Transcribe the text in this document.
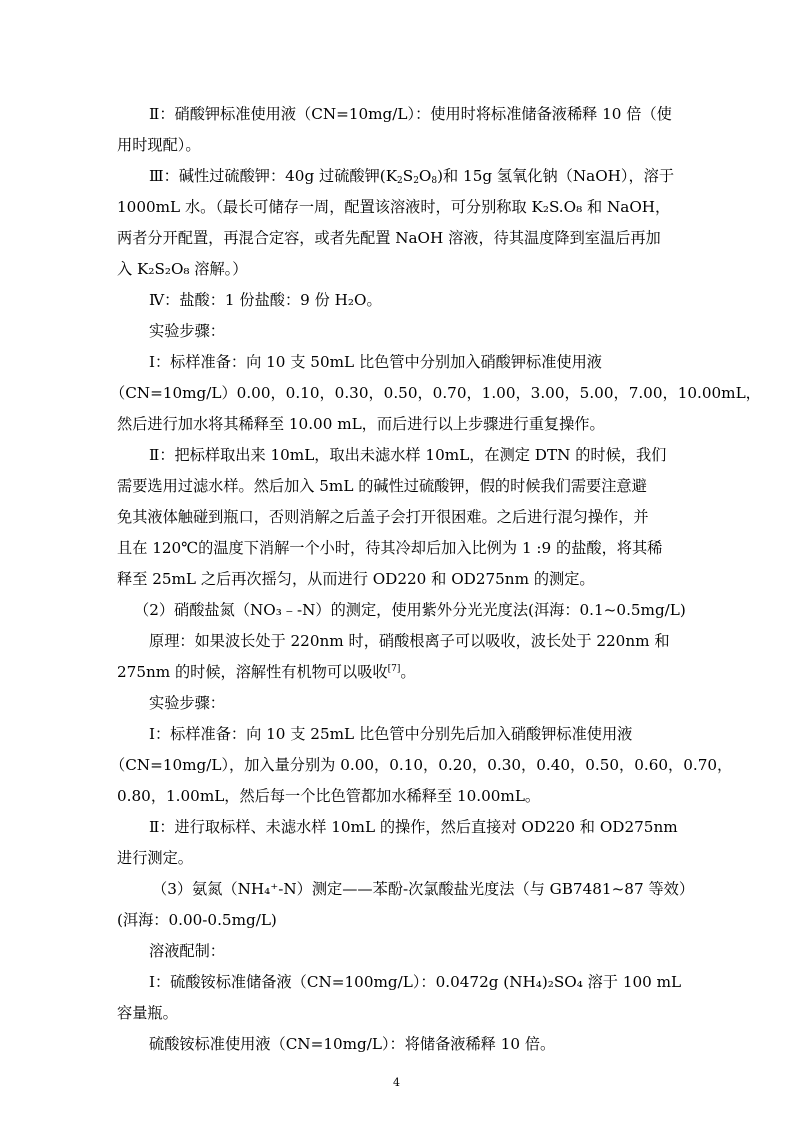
Ⅱ：硝酸钾标准使用液（CN=10mg/L）：使用时将标准储备液稀释 10 倍（使
用时现配）。
Ⅲ：碱性过硫酸钾：40g 过硫酸钾$(K_2S_2O_8)$和 15g 氢氧化钠（NaOH），溶于
1000mL 水。（最长可储存一周，配置该溶液时，可分别称取 K₂S.O₈ 和 NaOH，
两者分开配置，再混合定容，或者先配置 NaOH 溶液，待其温度降到室温后再加
入 K₂S₂O₈ 溶解。）
Ⅳ：盐酸：1 份盐酸：9 份 H₂O。
实验步骤：
Ⅰ：标样准备：向 10 支 50mL 比色管中分别加入硝酸钾标准使用液
（CN=10mg/L）0.00，0.10，0.30，0.50，0.70，1.00，3.00，5.00，7.00，10.00mL，
然后进行加水将其稀释至 10.00 mL，而后进行以上步骤进行重复操作。
Ⅱ：把标样取出来 10mL，取出未滤水样 10mL，在测定 DTN 的时候，我们
需要选用过滤水样。然后加入 5mL 的碱性过硫酸钾，假的时候我们需要注意避
免其液体触碰到瓶口，否则消解之后盖子会打开很困难。之后进行混匀操作，并
且在 120℃的温度下消解一个小时，待其冷却后加入比例为 1 :9 的盐酸，将其稀
释至 25mL 之后再次摇匀，从而进行 OD220 和 OD275nm 的测定。
（2）硝酸盐氮（NO₃﹣-N）的测定，使用紫外分光光度法(洱海：0.1~0.5mg/L)
原理：如果波长处于 220nm 时，硝酸根离子可以吸收，波长处于 220nm 和
275nm 的时候，溶解性有机物可以吸收[7]。
实验步骤：
Ⅰ：标样准备：向 10 支 25mL 比色管中分别先后加入硝酸钾标准使用液
（CN=10mg/L），加入量分别为 0.00，0.10，0.20，0.30，0.40，0.50，0.60，0.70，
0.80，1.00mL，然后每一个比色管都加水稀释至 10.00mL。
Ⅱ：进行取标样、未滤水样 10mL 的操作，然后直接对 OD220 和 OD275nm
进行测定。
（3）氨氮（NH₄⁺-N）测定——苯酚-次氯酸盐光度法（与 GB7481~87 等效）
(洱海：0.00-0.5mg/L)
溶液配制：
Ⅰ：硫酸铵标准储备液（CN=100mg/L）：0.0472g (NH₄)₂SO₄ 溶于 100 mL
容量瓶。
硫酸铵标准使用液（CN=10mg/L）：将储备液稀释 10 倍。
4
